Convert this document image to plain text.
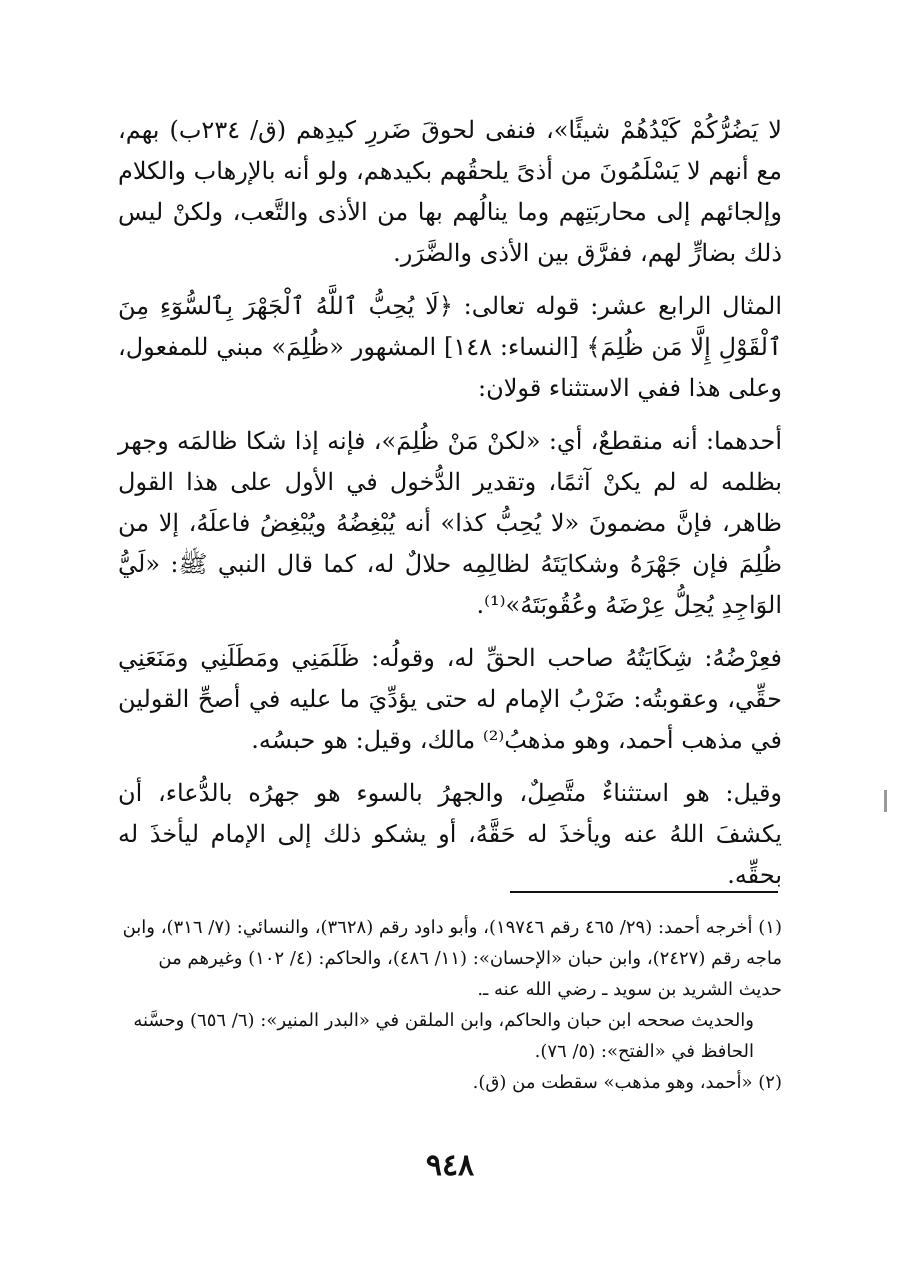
لا يَضُرُّكُمْ كَيْدُهُمْ شيئًا»، فنفى لحوقَ ضَررِ كيدِهم (ق/ ٢٣٤ب) بهم، مع أنهم لا يَسْلَمُونَ من أذىً يلحقُهم بكيدهم، ولو أنه بالإرهاب والكلام وإلجائهم إلى محاربَتِهم وما ينالُهم بها من الأذى والتَّعب، ولكنْ ليس ذلك بضارٍّ لهم، ففرَّق بين الأذى والضَّرَر.

المثال الرابع عشر: قوله تعالى: ﴿لَا يُحِبُّ ٱللَّهُ ٱلْجَهْرَ بِٱلسُّوٓءِ مِنَ ٱلْقَوْلِ إِلَّا مَن ظُلِمَ﴾ [النساء: ١٤٨] المشهور «ظُلِمَ» مبني للمفعول، وعلى هذا ففي الاستثناء قولان:

أحدهما: أنه منقطعٌ، أي: «لكنْ مَنْ ظُلِمَ»، فإنه إذا شكا ظالمَه وجهر بظلمه له لم يكنْ آثمًا، وتقدير الدُّخول في الأول على هذا القول ظاهر، فإنَّ مضمونَ «لا يُحِبُّ كذا» أنه يُبْغِضُهُ ويُبْغِضُ فاعلَهُ، إلا من ظُلِمَ فإن جَهْرَهُ وشكايَتَهُ لظالِمِه حلالٌ له، كما قال النبي ﷺ: «لَيُّ الوَاجِدِ يُحِلُّ عِرْضَهُ وعُقُوبَتَهُ»⁽¹⁾.

فعِرْضُهُ: شِكَايَتُهُ صاحب الحقِّ له، وقولُه: ظَلَمَنِي ومَطَلَنِي ومَنَعَنِي حقِّي، وعقوبتُه: ضَرْبُ الإمام له حتى يؤدِّيَ ما عليه في أصحِّ القولين في مذهب أحمد، وهو مذهبُ⁽²⁾ مالك، وقيل: هو حبسُه.

وقيل: هو استثناءٌ متَّصِلٌ، والجهرُ بالسوء هو جهرُه بالدُّعاء، أن يكشفَ اللهُ عنه ويأخذَ له حَقَّهُ، أو يشكو ذلك إلى الإمام ليأخذَ له بحقِّه.

(١) أخرجه أحمد: (٢٩/ ٤٦٥ رقم ١٩٧٤٦)، وأبو داود رقم (٣٦٢٨)، والنسائي: (٧/ ٣١٦)، وابن ماجه رقم (٢٤٢٧)، وابن حبان «الإحسان»: (١١/ ٤٨٦)، والحاكم: (٤/ ١٠٢) وغيرهم من حديث الشريد بن سويد ـ رضي الله عنه ـ.

والحديث صححه ابن حبان والحاكم، وابن الملقن في «البدر المنير»: (٦/ ٦٥٦) وحسَّنه الحافظ في «الفتح»: (٥/ ٧٦).

(٢) «أحمد، وهو مذهب» سقطت من (ق).

٩٤٨
